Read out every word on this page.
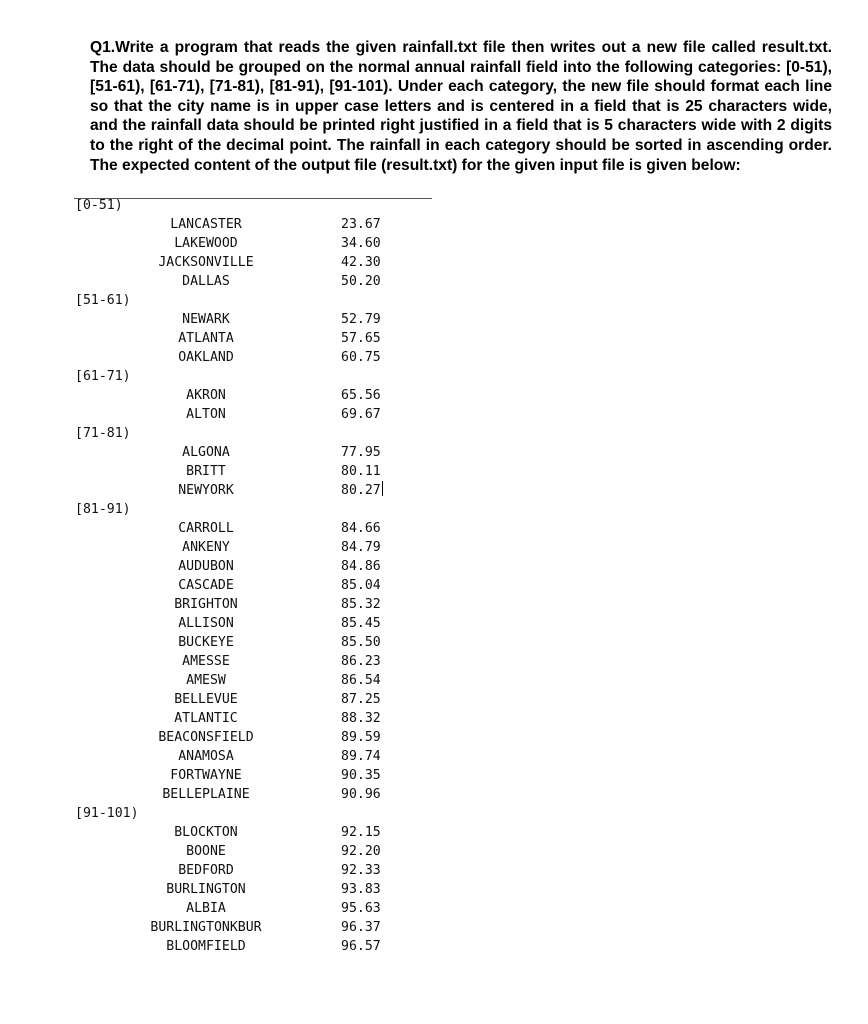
Q1.Write a program that reads the given rainfall.txt file then writes out a new file called result.txt. The data should be grouped on the normal annual rainfall field into the following categories: [0-51), [51-61), [61-71), [71-81), [81-91), [91-101). Under each category, the new file should format each line so that the city name is in upper case letters and is centered in a field that is 25 characters wide, and the rainfall data should be printed right justified in a field that is 5 characters wide with 2 digits to the right of the decimal point. The rainfall in each category should be sorted in ascending order. The expected content of the output file (result.txt) for the given input file is given below:

[0-51)
LANCASTER	23.67
LAKEWOOD	34.60
JACKSONVILLE	42.30
DALLAS	50.20
[51-61)
NEWARK	52.79
ATLANTA	57.65
OAKLAND	60.75
[61-71)
AKRON	65.56
ALTON	69.67
[71-81)
ALGONA	77.95
BRITT	80.11
NEWYORK	80.27
[81-91)
CARROLL	84.66
ANKENY	84.79
AUDUBON	84.86
CASCADE	85.04
BRIGHTON	85.32
ALLISON	85.45
BUCKEYE	85.50
AMESSE	86.23
AMESW	86.54
BELLEVUE	87.25
ATLANTIC	88.32
BEACONSFIELD	89.59
ANAMOSA	89.74
FORTWAYNE	90.35
BELLEPLAINE	90.96
[91-101)
BLOCKTON	92.15
BOONE	92.20
BEDFORD	92.33
BURLINGTON	93.83
ALBIA	95.63
BURLINGTONKBUR	96.37
BLOOMFIELD	96.57
